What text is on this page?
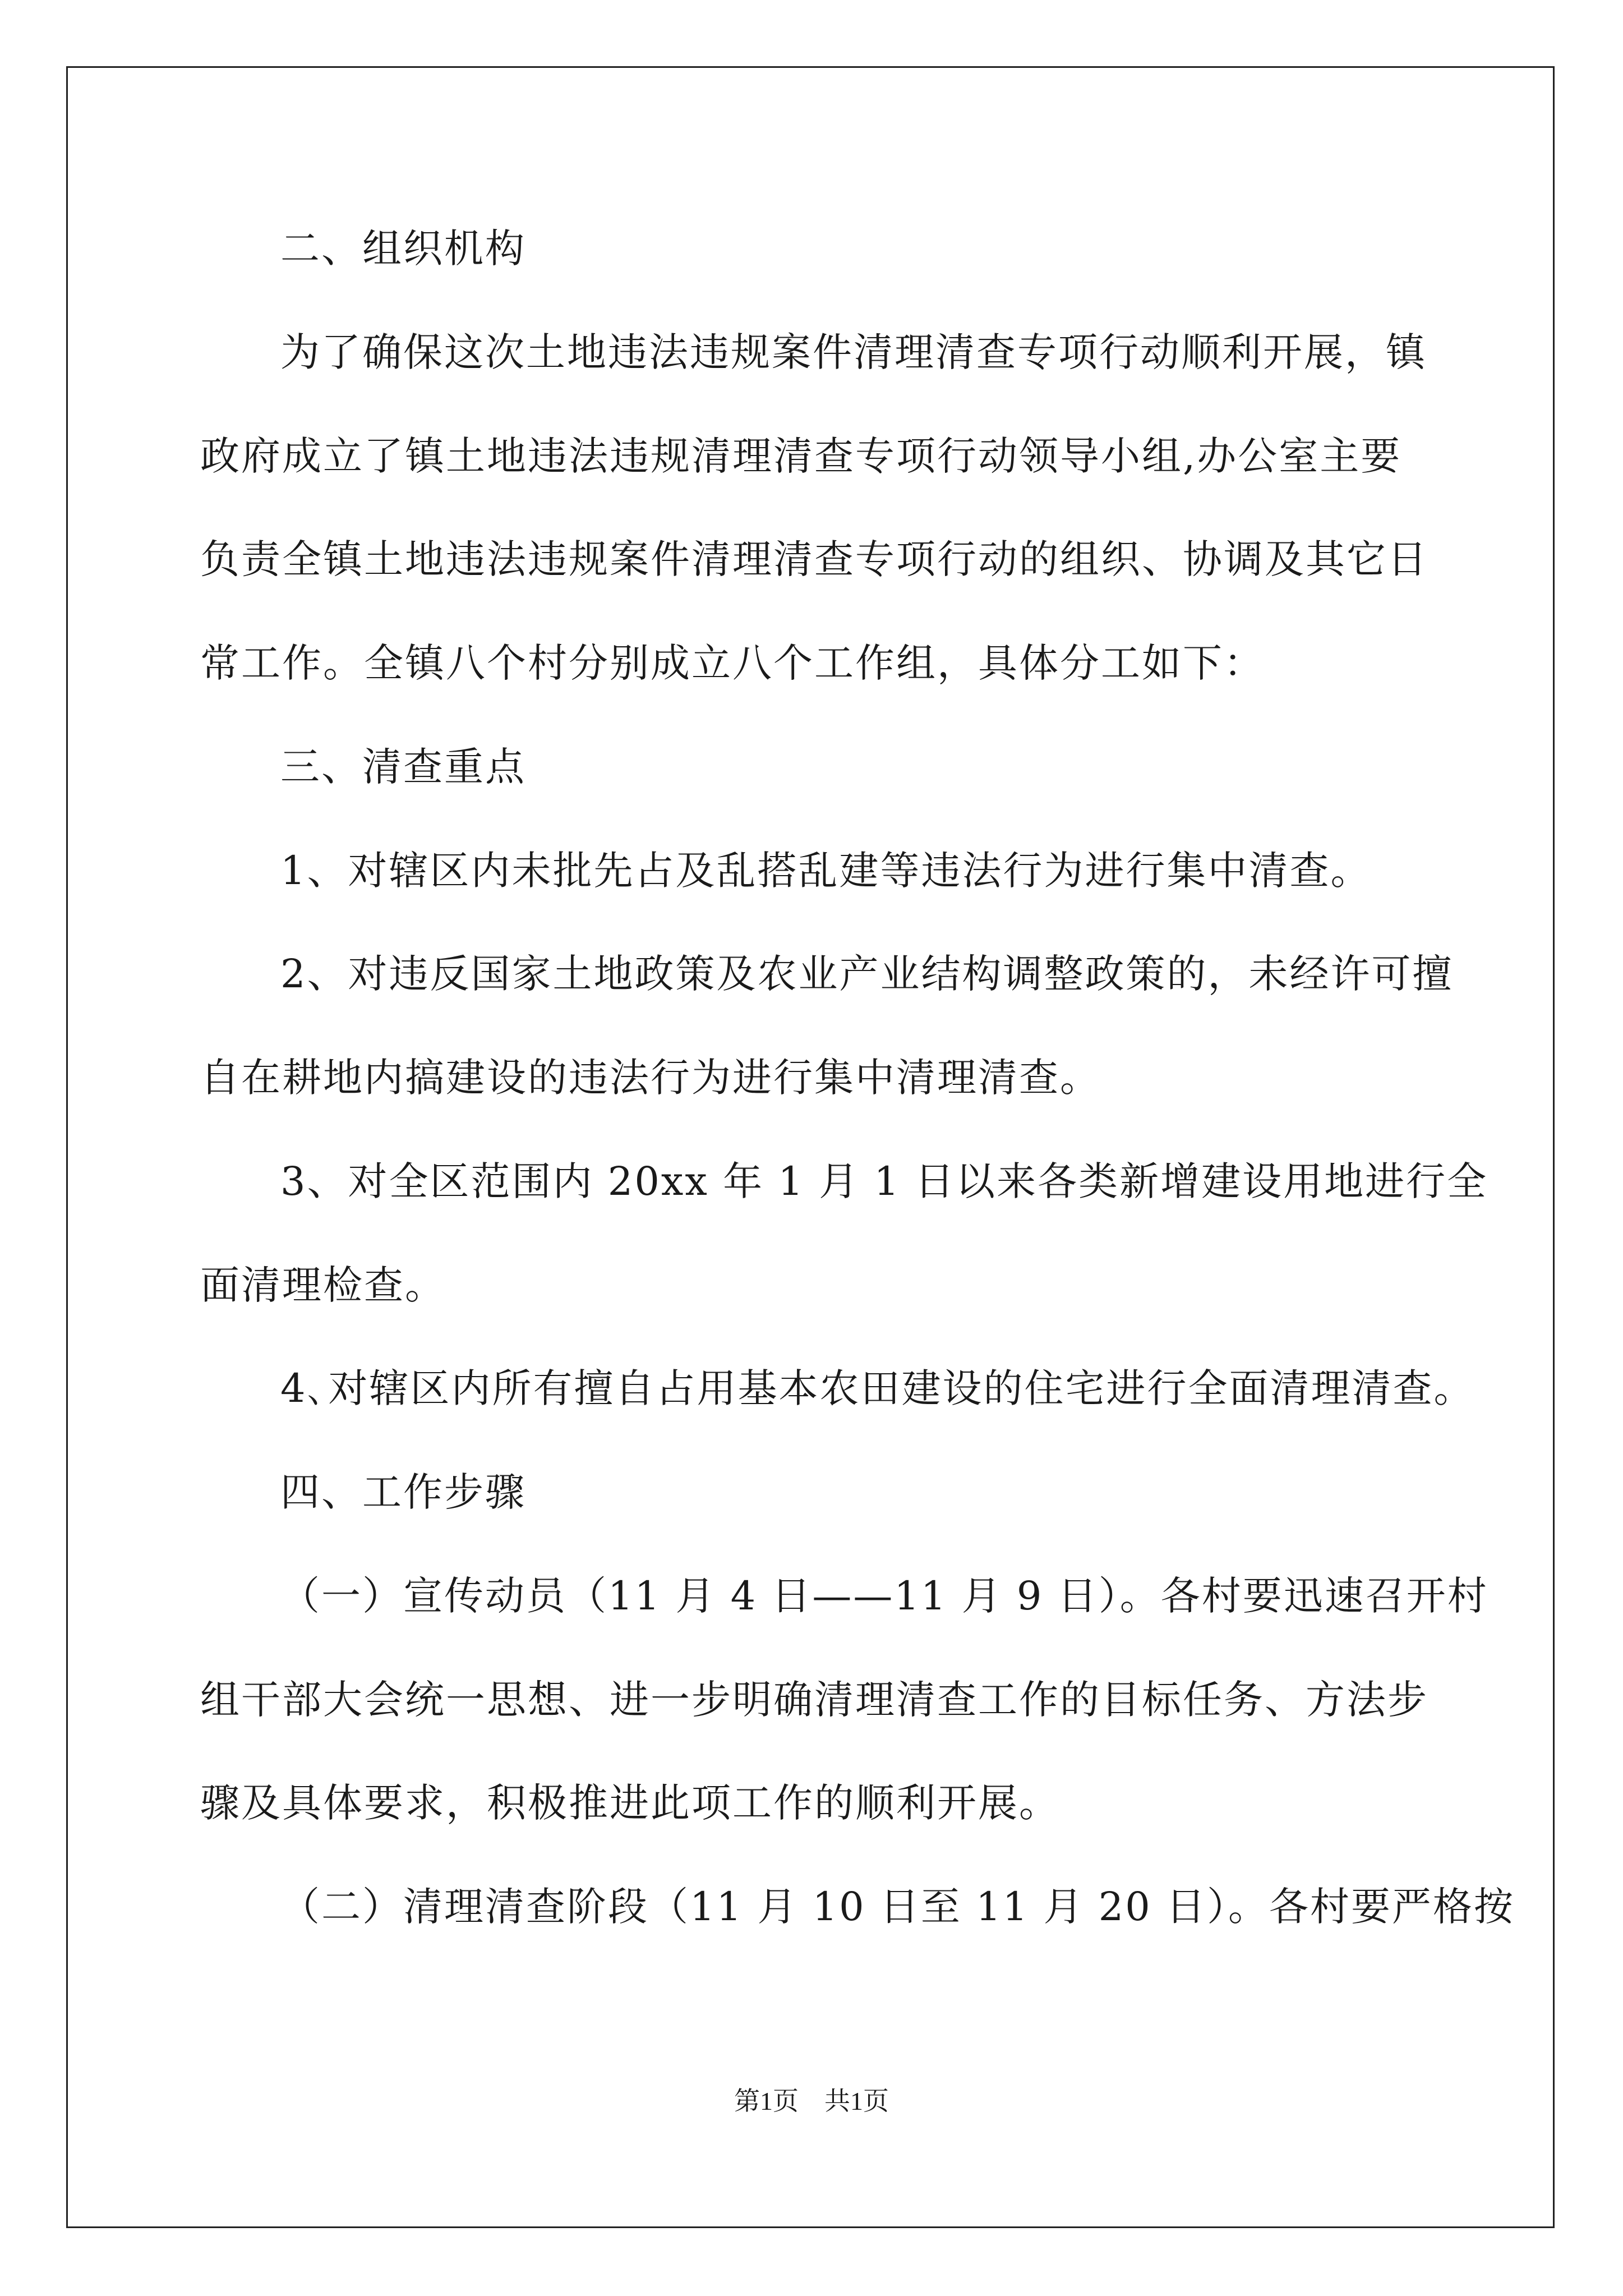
二、组织机构
为了确保这次土地违法违规案件清理清查专项行动顺利开展，镇
政府成立了镇土地违法违规清理清查专项行动领导小组,办公室主要
负责全镇土地违法违规案件清理清查专项行动的组织、协调及其它日
常工作。全镇八个村分别成立八个工作组，具体分工如下：
三、清查重点
1、对辖区内未批先占及乱搭乱建等违法行为进行集中清查。
2、对违反国家土地政策及农业产业结构调整政策的，未经许可擅
自在耕地内搞建设的违法行为进行集中清理清查。
3、对全区范围内 20xx 年 1 月 1 日以来各类新增建设用地进行全
面清理检查。
4､对辖区内所有擅自占用基本农田建设的住宅进行全面清理清查。
四、工作步骤
（一）宣传动员（11 月 4 日——11 月 9 日）。各村要迅速召开村
组干部大会统一思想、进一步明确清理清查工作的目标任务、方法步
骤及具体要求，积极推进此项工作的顺利开展。
（二）清理清查阶段（11 月 10 日至 11 月 20 日）。各村要严格按
第1页　共1页
